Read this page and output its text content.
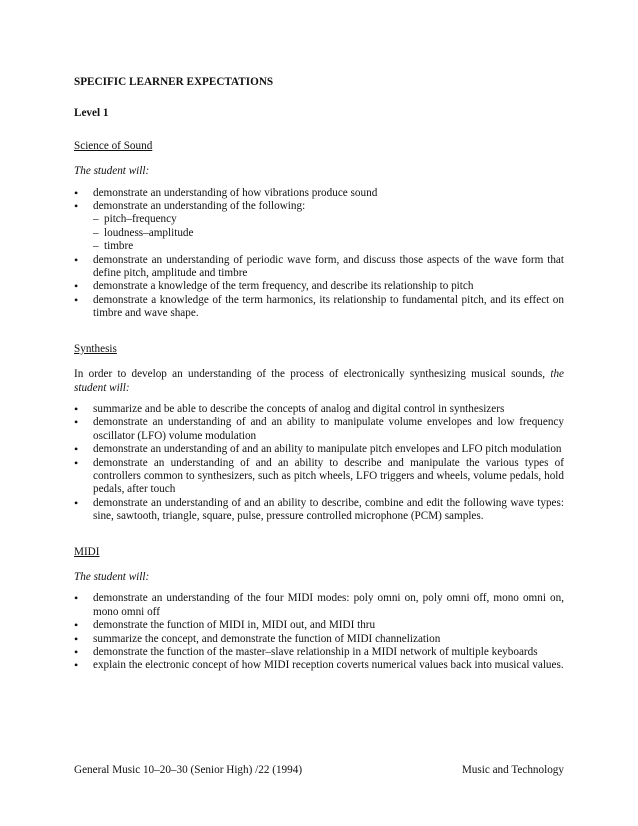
SPECIFIC LEARNER EXPECTATIONS
Level 1
Science of Sound
The student will:
• demonstrate an understanding of how vibrations produce sound
• demonstrate an understanding of the following:
– pitch–frequency
– loudness–amplitude
– timbre
• demonstrate an understanding of periodic wave form, and discuss those aspects of the wave form that define pitch, amplitude and timbre
• demonstrate a knowledge of the term frequency, and describe its relationship to pitch
• demonstrate a knowledge of the term harmonics, its relationship to fundamental pitch, and its effect on timbre and wave shape.
Synthesis
In order to develop an understanding of the process of electronically synthesizing musical sounds, the student will:
• summarize and be able to describe the concepts of analog and digital control in synthesizers
• demonstrate an understanding of and an ability to manipulate volume envelopes and low frequency oscillator (LFO) volume modulation
• demonstrate an understanding of and an ability to manipulate pitch envelopes and LFO pitch modulation
• demonstrate an understanding of and an ability to describe and manipulate the various types of controllers common to synthesizers, such as pitch wheels, LFO triggers and wheels, volume pedals, hold pedals, after touch
• demonstrate an understanding of and an ability to describe, combine and edit the following wave types: sine, sawtooth, triangle, square, pulse, pressure controlled microphone (PCM) samples.
MIDI
The student will:
• demonstrate an understanding of the four MIDI modes: poly omni on, poly omni off, mono omni on, mono omni off
• demonstrate the function of MIDI in, MIDI out, and MIDI thru
• summarize the concept, and demonstrate the function of MIDI channelization
• demonstrate the function of the master–slave relationship in a MIDI network of multiple keyboards
• explain the electronic concept of how MIDI reception coverts numerical values back into musical values.
General Music 10–20–30 (Senior High) /22 (1994)	Music and Technology
